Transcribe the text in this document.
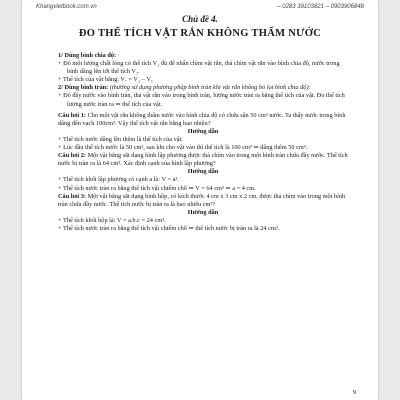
Khangvietbook.com.vn	– 0283 39103821 – 0903906848
Chủ đề 4.
ĐO THỂ TÍCH VẬT RẮN KHÔNG THẤM NƯỚC

1/ Dùng bình chia độ:

+ Đổ một lượng chất lỏng có thể tích V₁ đủ để nhấn chìm vật rắn, thả chìm vật rắn vào bình chia độ, nước trong bình dâng lên tới thể tích V₂.

+ Thể tích của vật bằng: Vᵥ = V₂ – V₁

2/ Dùng bình tràn: (thường sử dụng phương pháp bình tràn khi vật rắn không bỏ lọt bình chia độ):

+ Đổ đầy nước vào bình tràn, thả vật rắn vào trong bình tràn, lượng nước tràn ra bằng thể tích của vật. Đo thể tích lượng nước tràn ra ⇒ thể tích của vật.

Câu hỏi 1: Cho một vật rắn không thấm nước vào bình chia độ có chứa sẵn 50 cm³ nước. Ta thấy nước trong bình dâng đến vạch 100cm³. Vậy thể tích vật rắn bằng bao nhiêu?

Hướng dẫn

+ Thể tích nước dâng lên thêm là thể tích của vật.

+ Lúc đầu thể tích nước là 50 cm³, sau khi cho vật vào thì thể tích là 100 cm³ ⇒ dâng thêm 50 cm³.

Câu hỏi 2: Một vật bằng sắt dạng hình lập phương được thả chìm vào trong một bình tràn chứa đầy nước. Thể tích nước bị tràn ra là 64 cm³. Xác định cạnh của hình lập phương?

Hướng dẫn

+ Thể tích khối lập phương có cạnh a là: V = a³.

+ Thể tích nước tràn ra bằng thể tích vật chiếm chỗ ⇒ V = 64 cm³ ⇒ a = 4 cm.

Câu hỏi 3: Một vật bằng sắt dạng hình hộp, có kích thước 4 cm x 3 cm x 2 cm, được thả chìm vào trong một bình tràn chứa đầy nước. Thể tích nước bị tràn ra là bao nhiêu cm³?

Hướng dẫn

+ Thể tích khối hộp là: V = a.b.c = 24 cm³.

+ Thể tích nước tràn ra bằng thể tích vật chiếm chỗ ⇒ thể tích nước bị tràn ra là 24 cm³.

9
